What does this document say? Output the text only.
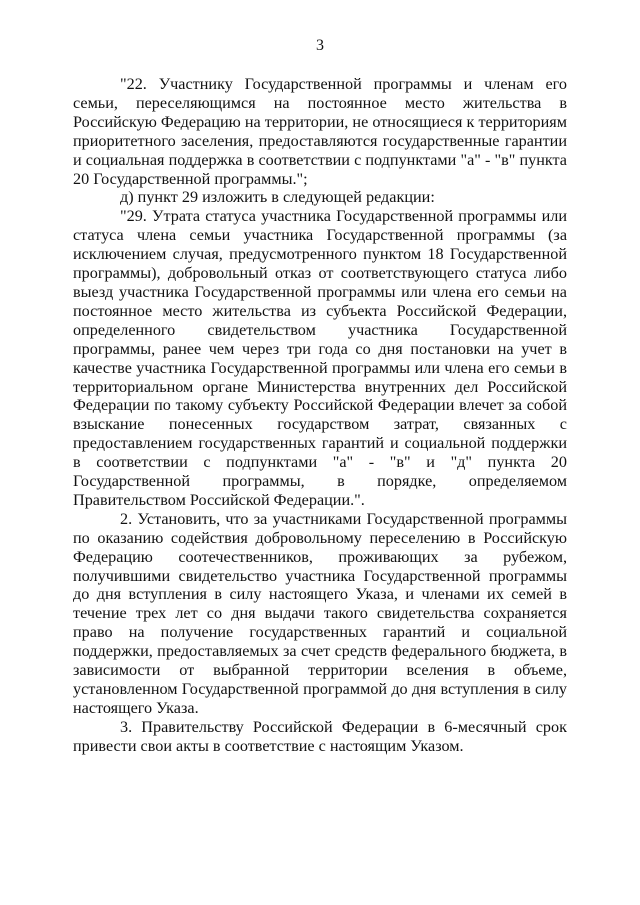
3

"22. Участнику Государственной программы и членам его семьи, переселяющимся на постоянное место жительства в Российскую Федерацию на территории, не относящиеся к территориям приоритетного заселения, предоставляются государственные гарантии и социальная поддержка в соответствии с подпунктами "а" - "в" пункта 20 Государственной программы.";

д) пункт 29 изложить в следующей редакции:

"29. Утрата статуса участника Государственной программы или статуса члена семьи участника Государственной программы (за исключением случая, предусмотренного пунктом 18 Государственной программы), добровольный отказ от соответствующего статуса либо выезд участника Государственной программы или члена его семьи на постоянное место жительства из субъекта Российской Федерации, определенного свидетельством участника Государственной программы, ранее чем через три года со дня постановки на учет в качестве участника Государственной программы или члена его семьи в территориальном органе Министерства внутренних дел Российской Федерации по такому субъекту Российской Федерации влечет за собой взыскание понесенных государством затрат, связанных с предоставлением государственных гарантий и социальной поддержки в соответствии с подпунктами "а" - "в" и "д" пункта 20 Государственной программы, в порядке, определяемом Правительством Российской Федерации.".

2. Установить, что за участниками Государственной программы по оказанию содействия добровольному переселению в Российскую Федерацию соотечественников, проживающих за рубежом, получившими свидетельство участника Государственной программы до дня вступления в силу настоящего Указа, и членами их семей в течение трех лет со дня выдачи такого свидетельства сохраняется право на получение государственных гарантий и социальной поддержки, предоставляемых за счет средств федерального бюджета, в зависимости от выбранной территории вселения в объеме, установленном Государственной программой до дня вступления в силу настоящего Указа.

3. Правительству Российской Федерации в 6-месячный срок привести свои акты в соответствие с настоящим Указом.
